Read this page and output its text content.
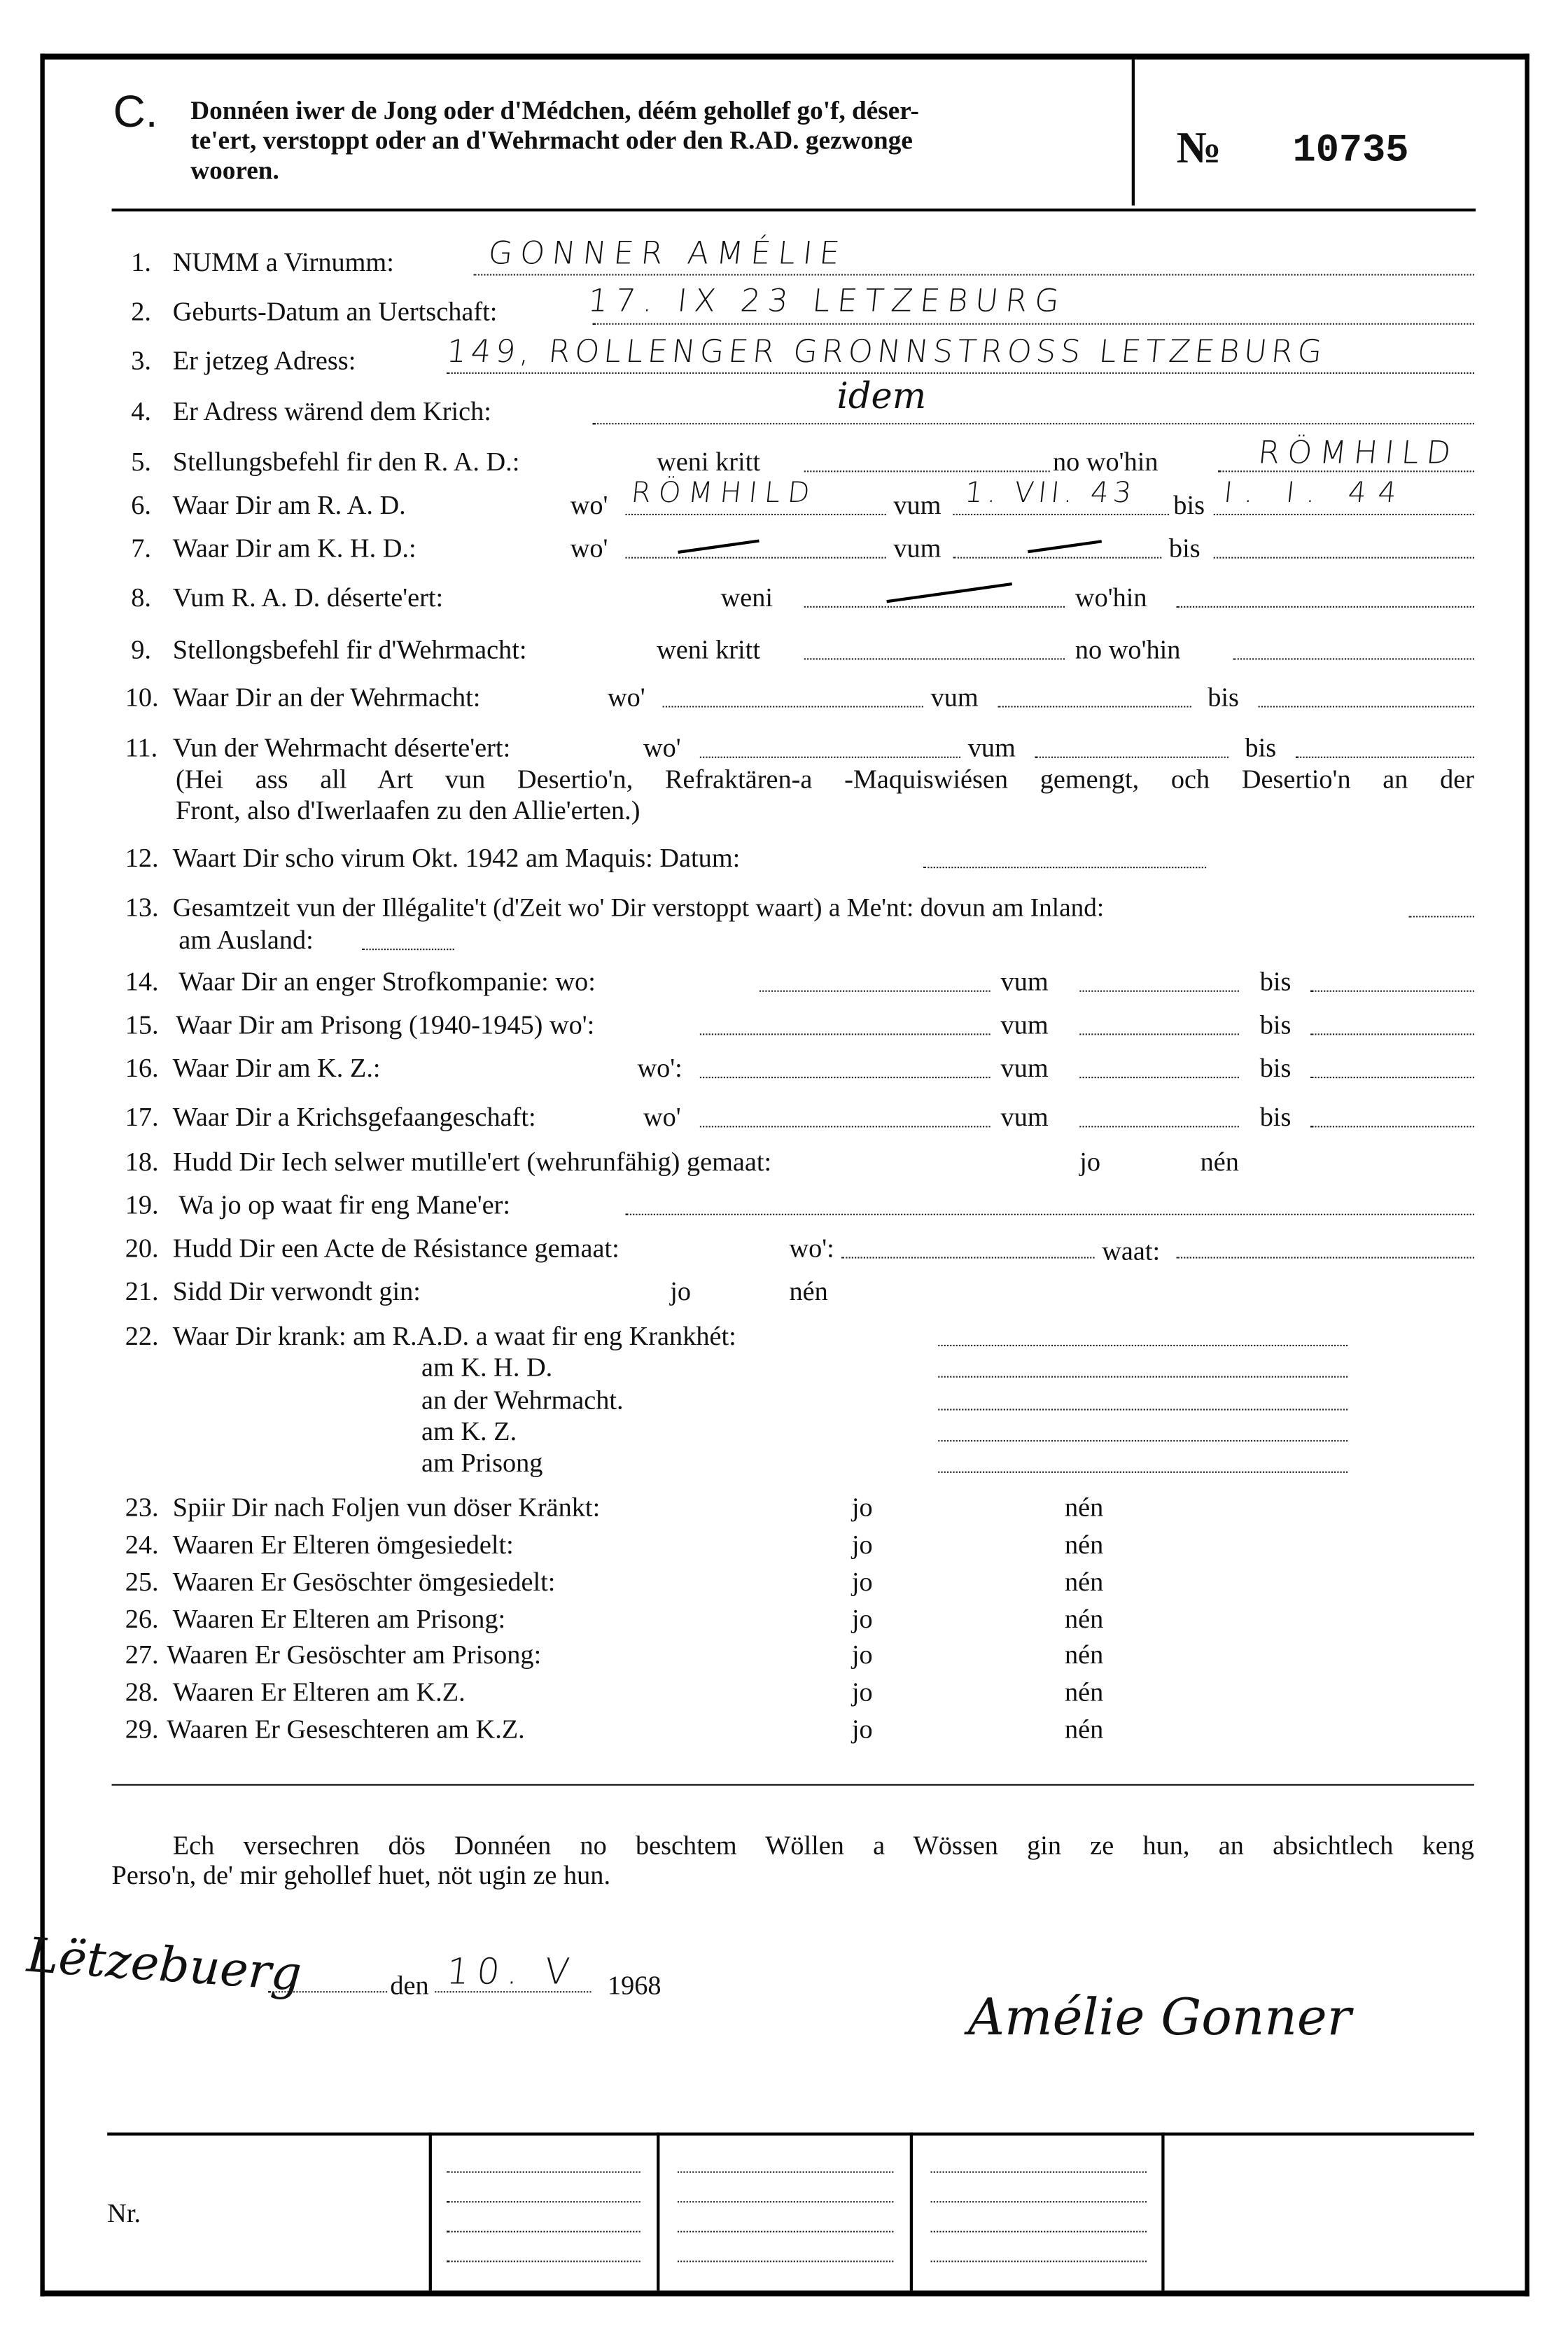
C.	Donnéen iwer de Jong oder d'Médchen, déém gehollef go'f, déser-
te'ert, verstoppt oder an d'Wehrmacht oder den R.AD. gezwonge
wooren.	№	10735
1. NUMM a Virnumm:	GONNER AMÉLIE
2. Geburts-Datum an Uertschaft:	17. IX 23 LETZEBURG
3. Er jetzeg Adress:	149, ROLLENGER GRONNSTROSS LETZEBURG
4. Er Adress wärend dem Krich:	idem
5. Stellungsbefehl fir den R. A. D.:	weni kritt	no wo'hin	RÖMHILD
6. Waar Dir am R. A. D.	wo' RÖMHILD	vum 1. VII. 43	bis I. I. 44
7. Waar Dir am K. H. D.:	wo'	vum	bis
8. Vum R. A. D. déserte'ert:	weni	wo'hin
9. Stellongsbefehl fir d'Wehrmacht:	weni kritt	no wo'hin
10. Waar Dir an der Wehrmacht:	wo'	vum	bis
11. Vun der Wehrmacht déserte'ert:	wo'	vum	bis
(Hei ass all Art vun Desertio'n, Refraktären-a -Maquiswiésen gemengt, och Desertio'n an der
Front, also d'Iwerlaafen zu den Allie'erten.)
12. Waart Dir scho virum Okt. 1942 am Maquis: Datum:
13. Gesamtzeit vun der Illégalite't (d'Zeit wo' Dir verstoppt waart) a Me'nt: dovun am Inland:
am Ausland:
14. Waar Dir an enger Strofkompanie: wo:	vum	bis
15. Waar Dir am Prisong (1940-1945) wo':	vum	bis
16. Waar Dir am K. Z.:	wo':	vum	bis
17. Waar Dir a Krichsgefaangeschaft:	wo'	vum	bis
18. Hudd Dir Iech selwer mutille'ert (wehrunfähig) gemaat:	jo	nén
19. Wa jo op waat fir eng Mane'er:
20. Hudd Dir een Acte de Résistance gemaat:	wo':	waat:
21. Sidd Dir verwondt gin:	jo	nén
22. Waar Dir krank: am R.A.D. a waat fir eng Krankhét:
am K. H. D.
an der Wehrmacht.
am K. Z.
am Prisong
23. Spiir Dir nach Foljen vun döser Kränkt:	jo	nén
24. Waaren Er Elteren ömgesiedelt:	jo	nén
25. Waaren Er Gesöschter ömgesiedelt:	jo	nén
26. Waaren Er Elteren am Prisong:	jo	nén
27. Waaren Er Gesöschter am Prisong:	jo	nén
28. Waaren Er Elteren am K.Z.	jo	nén
29. Waaren Er Geseschteren am K.Z.	jo	nén
Ech versechren dös Donnéen no beschtem Wöllen a Wössen gin ze hun, an absichtlech keng
Perso'n, de' mir gehollef huet, nöt ugin ze hun.
Lëtzebuerg	den 10. V 1968
Amélie Gonner
Nr.
